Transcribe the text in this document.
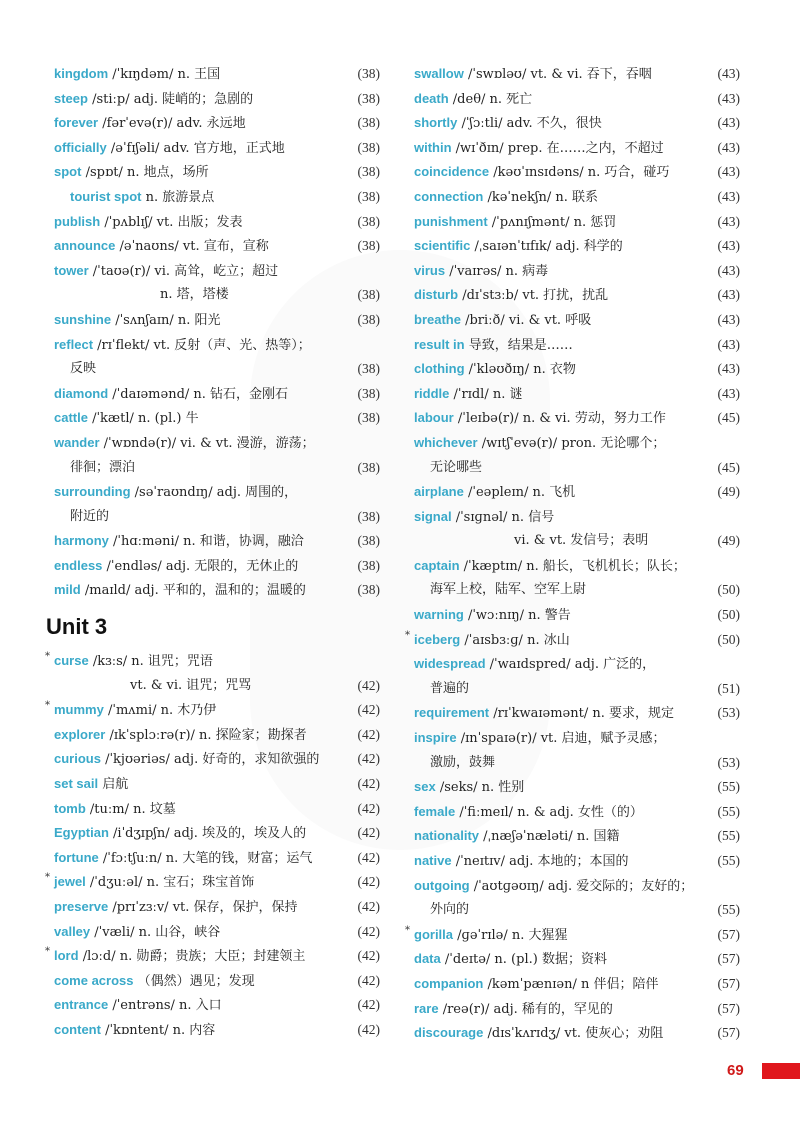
kingdom /ˈkɪŋdəm/ n. 王国	(38)
steep /stiːp/ adj. 陡峭的；急剧的	(38)
forever /fərˈevə(r)/ adv. 永远地	(38)
officially /əˈfɪʃəli/ adv. 官方地，正式地	(38)
spot /spɒt/ n. 地点，场所	(38)
tourist spot n. 旅游景点	(38)
publish /ˈpʌblɪʃ/ vt. 出版；发表	(38)
announce /əˈnaʊns/ vt. 宣布，宣称	(38)
tower /ˈtaʊə(r)/ vi. 高耸，屹立；超过
n. 塔，塔楼	(38)
sunshine /ˈsʌnʃaɪn/ n. 阳光	(38)
reflect /rɪˈflekt/ vt. 反射（声、光、热等）；
反映	(38)
diamond /ˈdaɪəmənd/ n. 钻石，金刚石	(38)
cattle /ˈkætl/ n. (pl.) 牛	(38)
wander /ˈwɒndə(r)/ vi. & vt. 漫游，游荡；
徘徊；漂泊	(38)
surrounding /səˈraʊndɪŋ/ adj. 周围的，
附近的	(38)
harmony /ˈhɑːməni/ n. 和谐，协调，融洽	(38)
endless /ˈendləs/ adj. 无限的，无休止的	(38)
mild /maɪld/ adj. 平和的，温和的；温暖的	(38)
Unit 3
* curse /kɜːs/ n. 诅咒；咒语
vt. & vi. 诅咒；咒骂	(42)
* mummy /ˈmʌmi/ n. 木乃伊	(42)
explorer /ɪkˈsplɔːrə(r)/ n. 探险家；勘探者	(42)
curious /ˈkjʊəriəs/ adj. 好奇的，求知欲强的	(42)
set sail 启航	(42)
tomb /tuːm/ n. 坟墓	(42)
Egyptian /iˈdʒɪpʃn/ adj. 埃及的，埃及人的	(42)
fortune /ˈfɔːtʃuːn/ n. 大笔的钱，财富；运气	(42)
* jewel /ˈdʒuːəl/ n. 宝石；珠宝首饰	(42)
preserve /prɪˈzɜːv/ vt. 保存，保护，保持	(42)
valley /ˈvæli/ n. 山谷，峡谷	(42)
* lord /lɔːd/ n. 勋爵；贵族；大臣；封建领主	(42)
come across （偶然）遇见；发现	(42)
entrance /ˈentrəns/ n. 入口	(42)
content /ˈkɒntent/ n. 内容	(42)
swallow /ˈswɒləʊ/ vt. & vi. 吞下，吞咽	(43)
death /deθ/ n. 死亡	(43)
shortly /ˈʃɔːtli/ adv. 不久，很快	(43)
within /wɪˈðɪn/ prep. 在……之内，不超过	(43)
coincidence /kəʊˈɪnsɪdəns/ n. 巧合，碰巧	(43)
connection /kəˈnekʃn/ n. 联系	(43)
punishment /ˈpʌnɪʃmənt/ n. 惩罚	(43)
scientific /ˌsaɪənˈtɪfɪk/ adj. 科学的	(43)
virus /ˈvaɪrəs/ n. 病毒	(43)
disturb /dɪˈstɜːb/ vt. 打扰，扰乱	(43)
breathe /briːð/ vi. & vt. 呼吸	(43)
result in 导致，结果是……	(43)
clothing /ˈkləʊðɪŋ/ n. 衣物	(43)
riddle /ˈrɪdl/ n. 谜	(43)
labour /ˈleɪbə(r)/ n. & vi. 劳动，努力工作	(45)
whichever /wɪtʃˈevə(r)/ pron. 无论哪个；
无论哪些	(45)
airplane /ˈeəpleɪn/ n. 飞机	(49)
signal /ˈsɪɡnəl/ n. 信号
vi. & vt. 发信号；表明	(49)
captain /ˈkæptɪn/ n. 船长，飞机机长；队长；
海军上校，陆军、空军上尉	(50)
warning /ˈwɔːnɪŋ/ n. 警告	(50)
* iceberg /ˈaɪsbɜːɡ/ n. 冰山	(50)
widespread /ˈwaɪdspred/ adj. 广泛的，
普遍的	(51)
requirement /rɪˈkwaɪəmənt/ n. 要求，规定	(53)
inspire /ɪnˈspaɪə(r)/ vt. 启迪，赋予灵感；
激励，鼓舞	(53)
sex /seks/ n. 性别	(55)
female /ˈfiːmeɪl/ n. & adj. 女性（的）	(55)
nationality /ˌnæʃəˈnæləti/ n. 国籍	(55)
native /ˈneɪtɪv/ adj. 本地的；本国的	(55)
outgoing /ˈaʊtɡəʊɪŋ/ adj. 爱交际的；友好的；
外向的	(55)
* gorilla /ɡəˈrɪlə/ n. 大猩猩	(57)
data /ˈdeɪtə/ n. (pl.) 数据；资料	(57)
companion /kəmˈpænɪən/ n 伴侣；陪伴	(57)
rare /reə(r)/ adj. 稀有的，罕见的	(57)
discourage /dɪsˈkʌrɪdʒ/ vt. 使灰心；劝阻	(57)
69
